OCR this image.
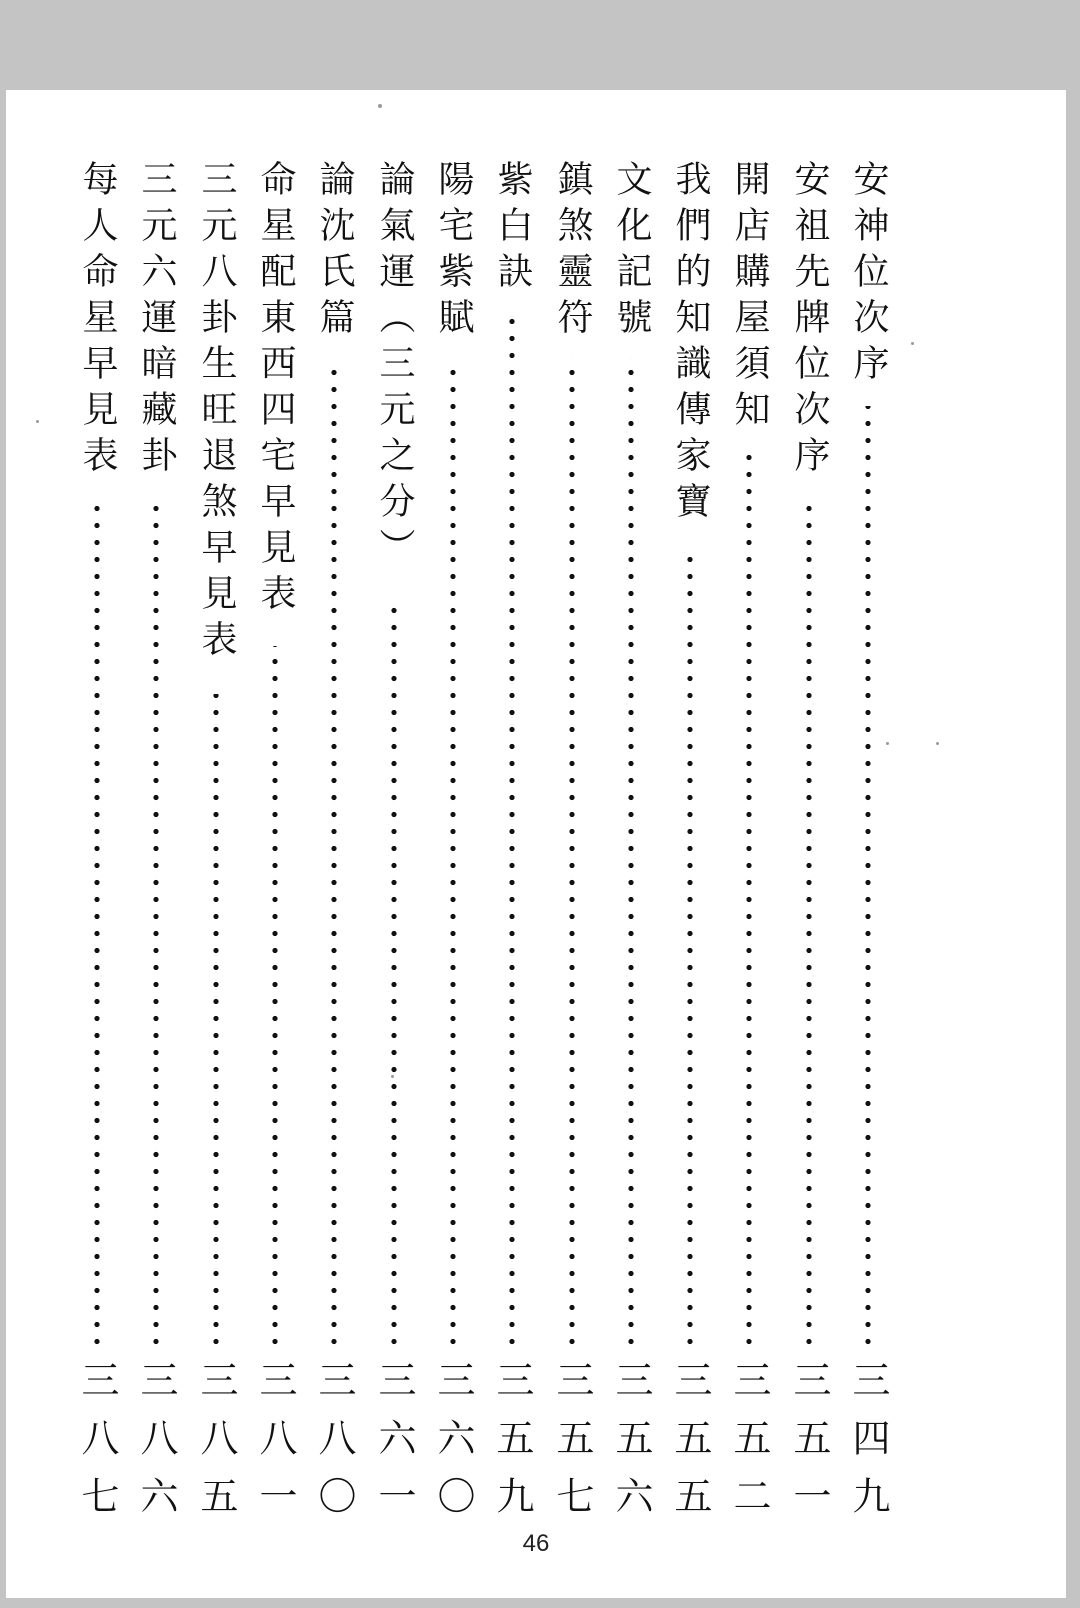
安神位次序
三四九
安祖先牌位次序
三五一
開店購屋須知
三五二
我們的知識傳家寶
三五五
文化記號
三五六
鎮煞靈符
三五七
紫白訣
三五九
陽宅紫賦
三六〇
論氣運︵三元之分︶
三六一
論沈氏篇
三八〇
命星配東西四宅早見表
三八一
三元八卦生旺退煞早見表
三八五
三元六運暗藏卦
三八六
每人命星早見表
三八七
46
